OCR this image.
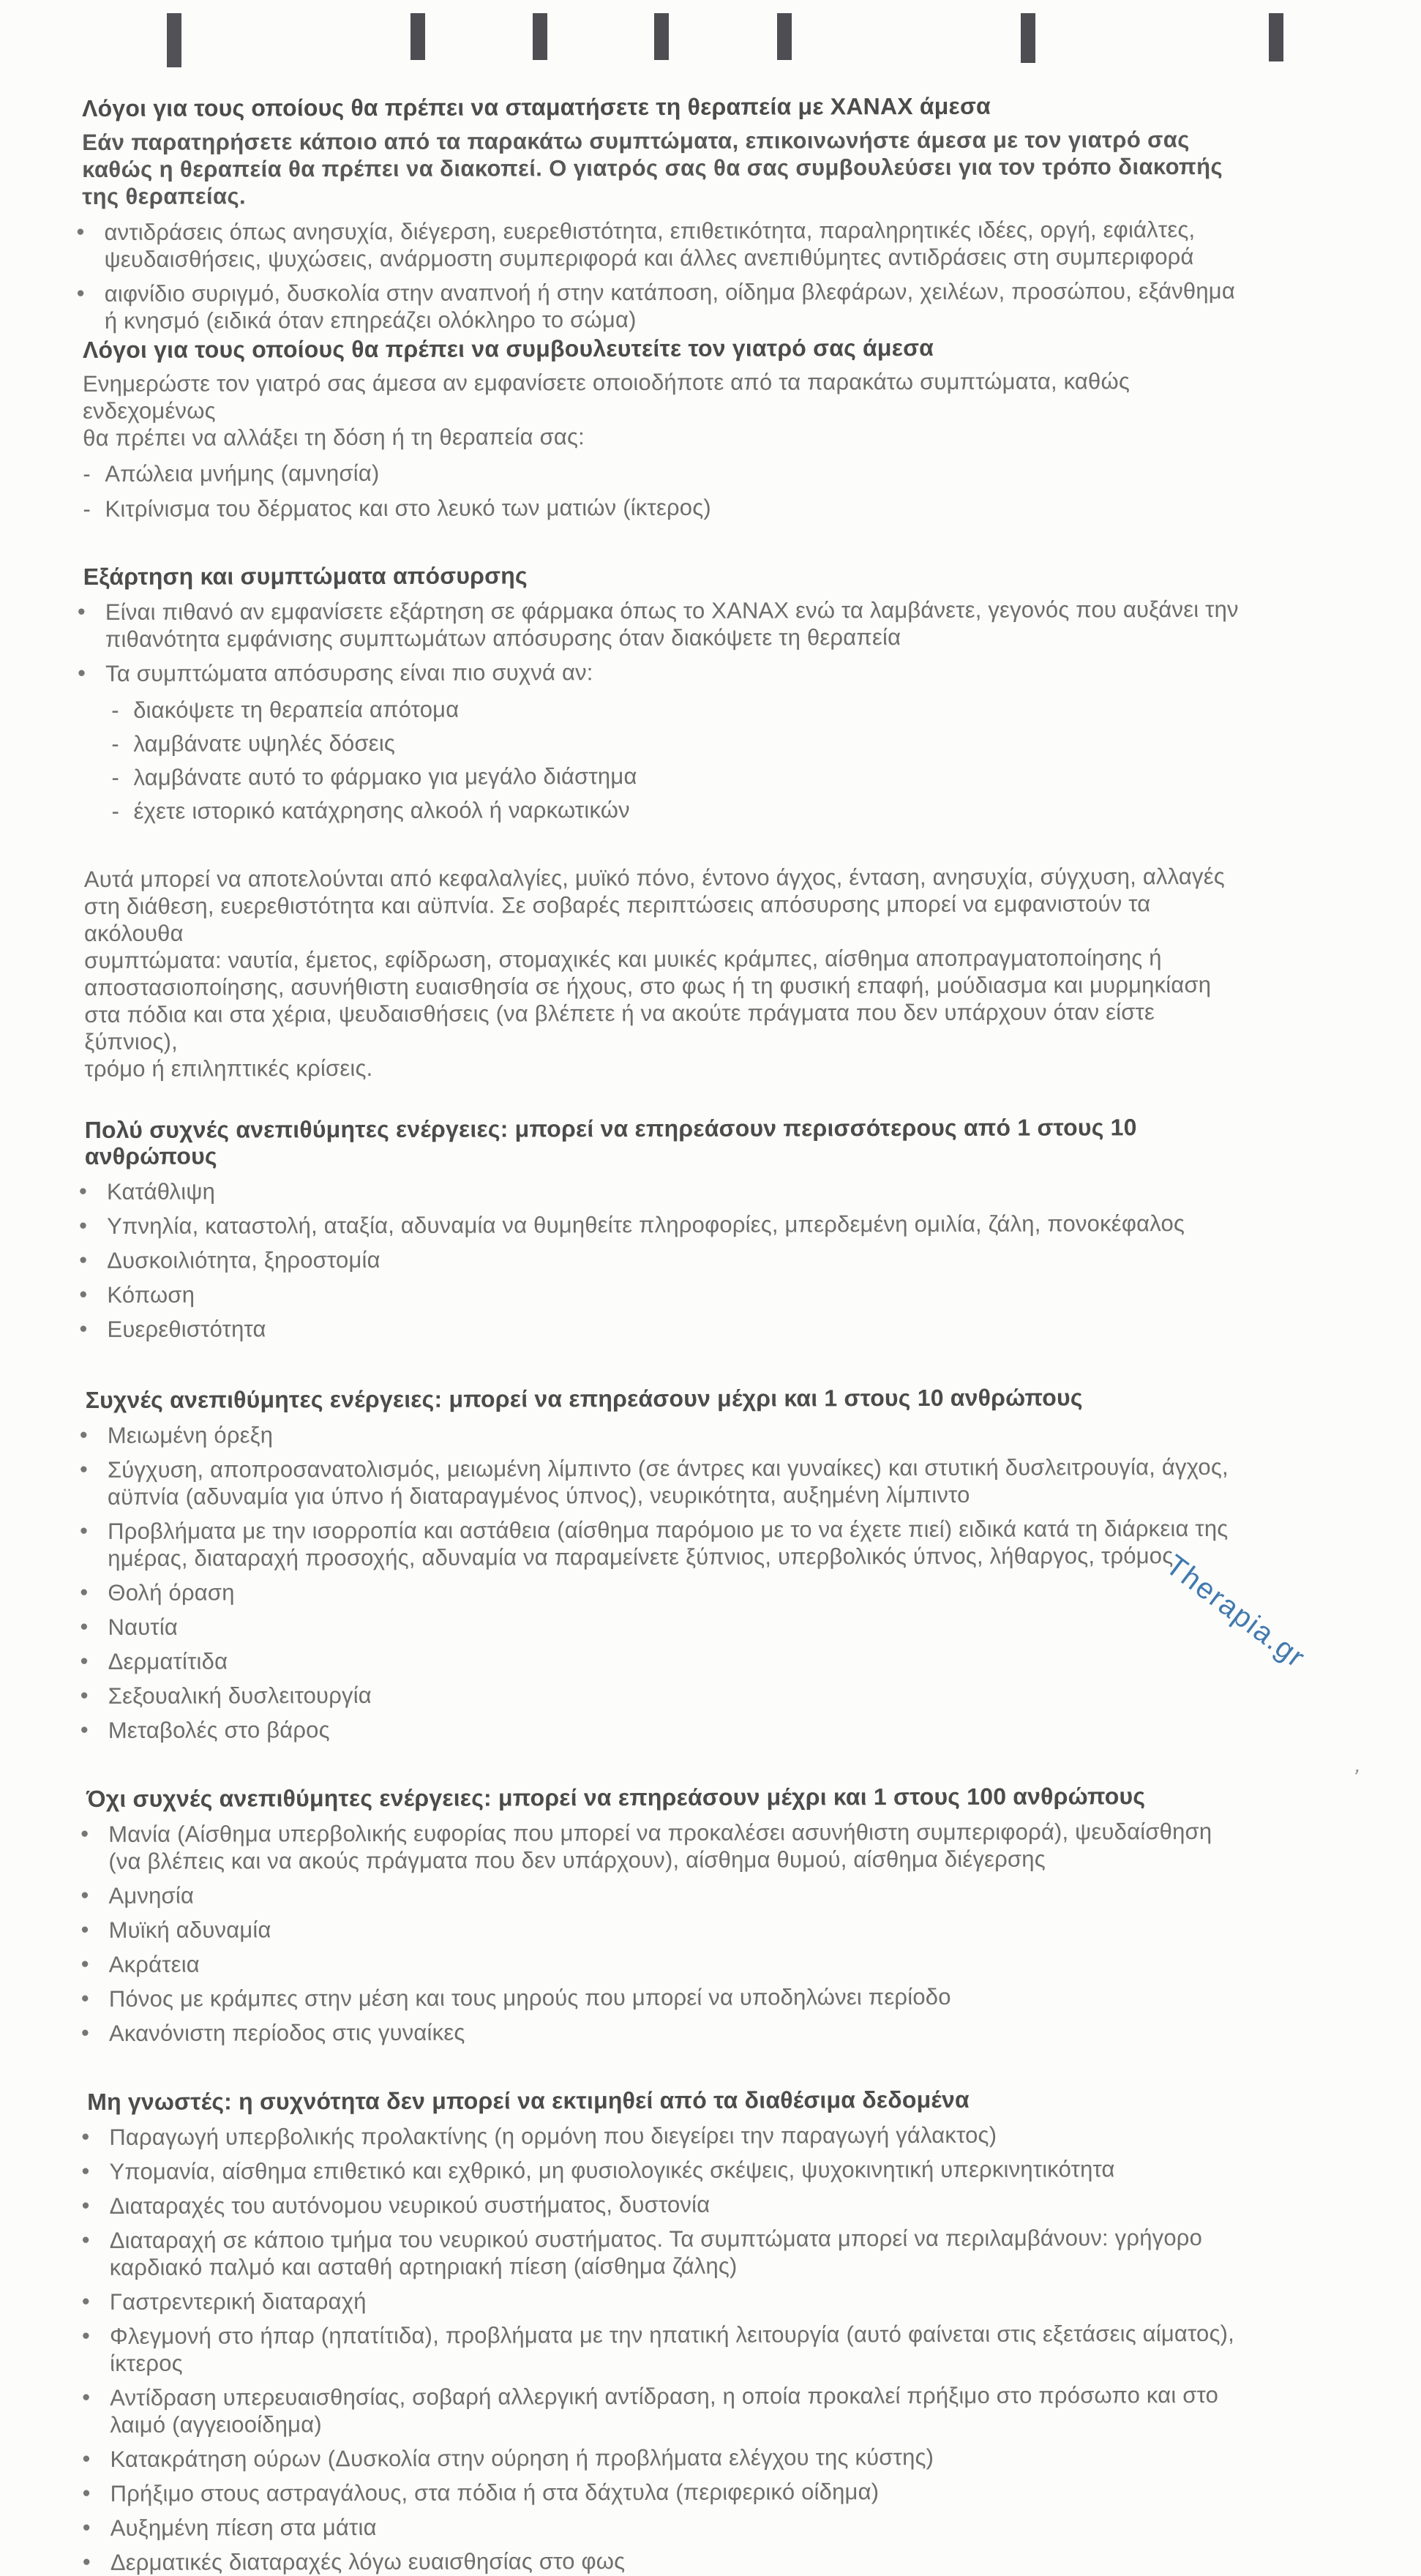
Λόγοι για τους οποίους θα πρέπει να σταματήσετε τη θεραπεία με XANAX άμεσα

Εάν παρατηρήσετε κάποιο από τα παρακάτω συμπτώματα, επικοινωνήστε άμεσα με τον γιατρό σας
καθώς η θεραπεία θα πρέπει να διακοπεί. Ο γιατρός σας θα σας συμβουλεύσει για τον τρόπο διακοπής
της θεραπείας.

• αντιδράσεις όπως ανησυχία, διέγερση, ευερεθιστότητα, επιθετικότητα, παραληρητικές ιδέες, οργή, εφιάλτες,
ψευδαισθήσεις, ψυχώσεις, ανάρμοστη συμπεριφορά και άλλες ανεπιθύμητες αντιδράσεις στη συμπεριφορά
• αιφνίδιο συριγμό, δυσκολία στην αναπνοή ή στην κατάποση, οίδημα βλεφάρων, χειλέων, προσώπου, εξάνθημα
ή κνησμό (ειδικά όταν επηρεάζει ολόκληρο το σώμα)
Λόγοι για τους οποίους θα πρέπει να συμβουλευτείτε τον γιατρό σας άμεσα

Ενημερώστε τον γιατρό σας άμεσα αν εμφανίσετε οποιοδήποτε από τα παρακάτω συμπτώματα, καθώς ενδεχομένως
θα πρέπει να αλλάξει τη δόση ή τη θεραπεία σας:

- Απώλεια μνήμης (αμνησία)
- Κιτρίνισμα του δέρματος και στο λευκό των ματιών (ίκτερος)
Εξάρτηση και συμπτώματα απόσυρσης
• Είναι πιθανό αν εμφανίσετε εξάρτηση σε φάρμακα όπως το XANAX ενώ τα λαμβάνετε, γεγονός που αυξάνει την
πιθανότητα εμφάνισης συμπτωμάτων απόσυρσης όταν διακόψετε τη θεραπεία
• Τα συμπτώματα απόσυρσης είναι πιο συχνά αν:
- διακόψετε τη θεραπεία απότομα
- λαμβάνατε υψηλές δόσεις
- λαμβάνατε αυτό το φάρμακο για μεγάλο διάστημα
- έχετε ιστορικό κατάχρησης αλκοόλ ή ναρκωτικών

Αυτά μπορεί να αποτελούνται από κεφαλαλγίες, μυϊκό πόνο, έντονο άγχος, ένταση, ανησυχία, σύγχυση, αλλαγές
στη διάθεση, ευερεθιστότητα και αϋπνία. Σε σοβαρές περιπτώσεις απόσυρσης μπορεί να εμφανιστούν τα ακόλουθα
συμπτώματα: ναυτία, έμετος, εφίδρωση, στομαχικές και μυικές κράμπες, αίσθημα αποπραγματοποίησης ή
αποστασιοποίησης, ασυνήθιστη ευαισθησία σε ήχους, στο φως ή τη φυσική επαφή, μούδιασμα και μυρμηκίαση
στα πόδια και στα χέρια, ψευδαισθήσεις (να βλέπετε ή να ακούτε πράγματα που δεν υπάρχουν όταν είστε ξύπνιος),
τρόμο ή επιληπτικές κρίσεις.

Πολύ συχνές ανεπιθύμητες ενέργειες: μπορεί να επηρεάσουν περισσότερους από 1 στους 10 ανθρώπους
• Κατάθλιψη
• Υπνηλία, καταστολή, αταξία, αδυναμία να θυμηθείτε πληροφορίες, μπερδεμένη ομιλία, ζάλη, πονοκέφαλος
• Δυσκοιλιότητα, ξηροστομία
• Κόπωση
• Ευερεθιστότητα
Συχνές ανεπιθύμητες ενέργειες: μπορεί να επηρεάσουν μέχρι και 1 στους 10 ανθρώπους
• Μειωμένη όρεξη
• Σύγχυση, αποπροσανατολισμός, μειωμένη λίμπιντο (σε άντρες και γυναίκες) και στυτική δυσλειτρουγία, άγχος,
αϋπνία (αδυναμία για ύπνο ή διαταραγμένος ύπνος), νευρικότητα, αυξημένη λίμπιντο
• Προβλήματα με την ισορροπία και αστάθεια (αίσθημα παρόμοιο με το να έχετε πιεί) ειδικά κατά τη διάρκεια της
ημέρας, διαταραχή προσοχής, αδυναμία να παραμείνετε ξύπνιος, υπερβολικός ύπνος, λήθαργος, τρόμος
• Θολή όραση
• Ναυτία
• Δερματίτιδα
• Σεξουαλική δυσλειτουργία
• Μεταβολές στο βάρος
Όχι συχνές ανεπιθύμητες ενέργειες: μπορεί να επηρεάσουν μέχρι και 1 στους 100 ανθρώπους
• Μανία (Αίσθημα υπερβολικής ευφορίας που μπορεί να προκαλέσει ασυνήθιστη συμπεριφορά), ψευδαίσθηση
(να βλέπεις και να ακούς πράγματα που δεν υπάρχουν), αίσθημα θυμού, αίσθημα διέγερσης
• Αμνησία
• Μυϊκή αδυναμία
• Ακράτεια
• Πόνος με κράμπες στην μέση και τους μηρούς που μπορεί να υποδηλώνει περίοδο
• Ακανόνιστη περίοδος στις γυναίκες
Μη γνωστές: η συχνότητα δεν μπορεί να εκτιμηθεί από τα διαθέσιμα δεδομένα
• Παραγωγή υπερβολικής προλακτίνης (η ορμόνη που διεγείρει την παραγωγή γάλακτος)
• Υπομανία, αίσθημα επιθετικό και εχθρικό, μη φυσιολογικές σκέψεις, ψυχοκινητική υπερκινητικότητα
• Διαταραχές του αυτόνομου νευρικού συστήματος, δυστονία
• Διαταραχή σε κάποιο τμήμα του νευρικού συστήματος. Τα συμπτώματα μπορεί να περιλαμβάνουν: γρήγορο
καρδιακό παλμό και ασταθή αρτηριακή πίεση (αίσθημα ζάλης)
• Γαστρεντερική διαταραχή
• Φλεγμονή στο ήπαρ (ηπατίτιδα), προβλήματα με την ηπατική λειτουργία (αυτό φαίνεται στις εξετάσεις αίματος),
ίκτερος
• Αντίδραση υπερευαισθησίας, σοβαρή αλλεργική αντίδραση, η οποία προκαλεί πρήξιμο στο πρόσωπο και στο
λαιμό (αγγειοοίδημα)
• Κατακράτηση ούρων (Δυσκολία στην ούρηση ή προβλήματα ελέγχου της κύστης)
• Πρήξιμο στους αστραγάλους, στα πόδια ή στα δάχτυλα (περιφερικό οίδημα)
• Αυξημένη πίεση στα μάτια
• Δερματικές διαταραχές λόγω ευαισθησίας στο φως
Therapia.gr
’
